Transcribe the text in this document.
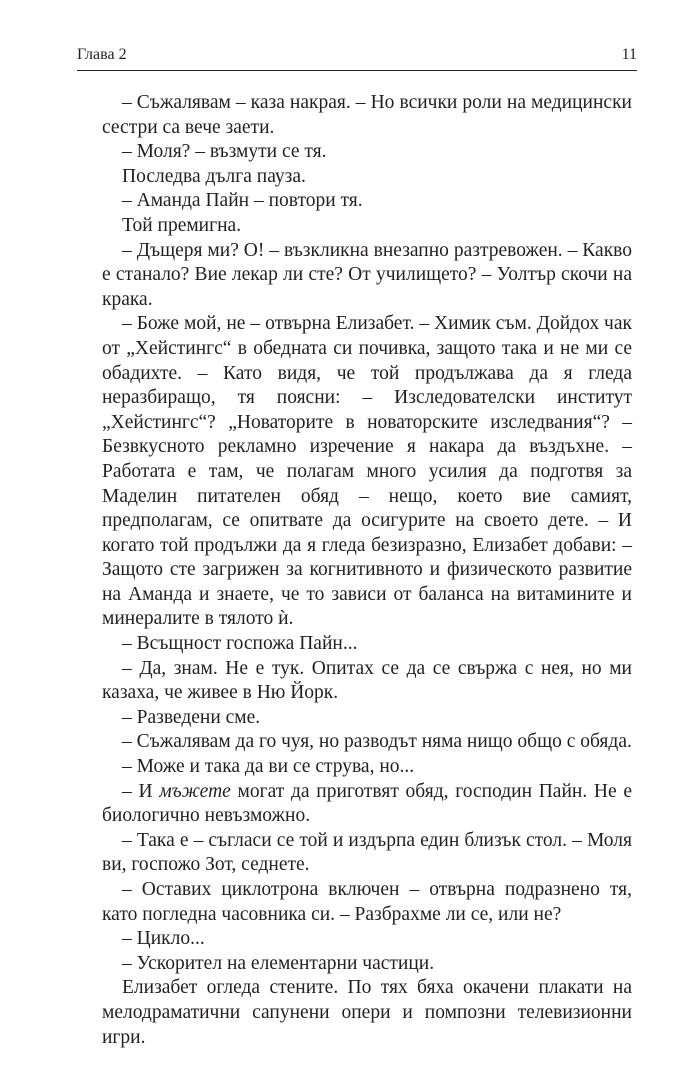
Глава 2	11

– Съжалявам – каза накрая. – Но всички роли на медицински сестри са вече заети.

– Моля? – възмути се тя.

Последва дълга пауза.

– Аманда Пайн – повтори тя.

Той премигна.

– Дъщеря ми? О! – възкликна внезапно разтревожен. – Какво е станало? Вие лекар ли сте? От училището? – Уолтър скочи на крака.

– Боже мой, не – отвърна Елизабет. – Химик съм. Дойдох чак от „Хейстингс“ в обедната си почивка, защото така и не ми се обадихте. – Като видя, че той продължава да я гледа неразбиращо, тя поясни: – Изследователски институт „Хейстингс“? „Новаторите в новаторските изследвания“? – Безвкусното рекламно изречение я накара да въздъхне. – Работата е там, че полагам много усилия да подготвя за Маделин питателен обяд – нещо, което вие самият, предполагам, се опитвате да осигурите на своето дете. – И когато той продължи да я гледа безизразно, Елизабет добави: – Защото сте загрижен за когнитивното и физическото развитие на Аманда и знаете, че то зависи от баланса на витамините и минералите в тялото ѝ.

– Всъщност госпожа Пайн...

– Да, знам. Не е тук. Опитах се да се свържа с нея, но ми казаха, че живее в Ню Йорк.

– Разведени сме.

– Съжалявам да го чуя, но разводът няма нищо общо с обяда.

– Може и така да ви се струва, но...

– И мъжете могат да приготвят обяд, господин Пайн. Не е биологично невъзможно.

– Така е – съгласи се той и издърпа един близък стол. – Моля ви, госпожо Зот, седнете.

– Оставих циклотрона включен – отвърна подразнено тя, като погледна часовника си. – Разбрахме ли се, или не?

– Цикло...

– Ускорител на елементарни частици.

Елизабет огледа стените. По тях бяха окачени плакати на мелодраматични сапунени опери и помпозни телевизионни игри.
